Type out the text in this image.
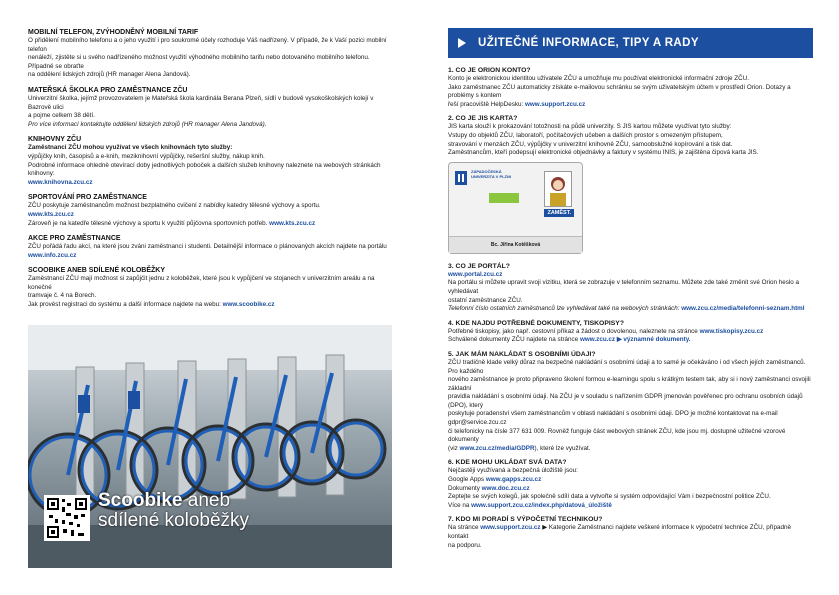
MOBILNÍ TELEFON, ZVÝHODNĚNÝ MOBILNÍ TARIF
O přidělení mobilního telefonu a o jeho využití i pro soukromé účely rozhoduje Váš nadřízený. V případě, že k Vaší pozici mobilní telefon
nenáleží, zjistěte si u svého nadřízeného možnost využití výhodného mobilního tarifu nebo dotovaného mobilního telefonu. Případně se obraťte
na oddělení lidských zdrojů (HR manager Alena Jandová).
MATEŘSKÁ ŠKOLKA PRO ZAMĚSTNANCE ZČU
Univerzitní školka, jejímž provozovatelem je Mateřská škola kardinála Berana Plzeň, sídlí v budově vysokoškolských kolejí v Bazrově ulici
a pojme celkem 38 dětí.
Pro více informací kontaktujte oddělení lidských zdrojů (HR manager Alena Jandová).
KNIHOVNY ZČU
Zaměstnanci ZČU mohou využívat ve všech knihovnách tyto služby:
výpůjčky knih, časopisů a e-knih, meziknihovní výpůjčky, rešeršní služby, nákup knih.
Podrobné informace ohledně otevírací doby jednotlivých poboček a dalších služeb knihovny naleznete na webových stránkách knihovny:
www.knihovna.zcu.cz
SPORTOVÁNÍ PRO ZAMĚSTNANCE
ZČU poskytuje zaměstnancům možnost bezplatného cvičení z nabídky katedry tělesné výchovy a sportu.
www.kts.zcu.cz
Zároveň je na katedře tělesné výchovy a sportu k využití půjčovna sportovních potřeb. www.kts.zcu.cz
AKCE PRO ZAMĚSTNANCE
ZČU pořádá řadu akcí, na které jsou zváni zaměstnanci i studenti. Detailnější informace o plánovaných akcích najdete na portálu
www.info.zcu.cz
SCOOBIKE ANEB SDÍLENÉ KOLOBĚŽKY
Zaměstnanci ZČU mají možnost si zapůjčit jednu z koloběžek, které jsou k vypůjčení ve stojanech v univerzitním areálu a na konečné
tramvaje č. 4 na Borech.
Jak provést registraci do systému a další informace najdete na webu: www.scoobike.cz
Scoobike aneb
sdílené koloběžky
UŽITEČNÉ INFORMACE, TIPY A RADY
1. CO JE ORION KONTO?
Konto je elektronickou identitou uživatele ZČU a umožňuje mu používat elektronické informační zdroje ZČU.
Jako zaměstnanec ZČU automaticky získáte e-mailovou schránku se svým uživatelským účtem v prostředí Orion. Dotazy a problémy s kontem
řeší pracoviště HelpDesku: www.support.zcu.cz
2. CO JE JIS KARTA?
JIS karta slouží k prokazování totožnosti na půdě univerzity. S JIS kartou můžete využívat tyto služby:
Vstupy do objektů ZČU, laboratoří, počítačových učeben a dalších prostor s omezeným přístupem,
stravování v menzách ZČU, výpůjčky v univerzitní knihovně ZČU, samoobslužné kopírování a tisk dat.
Zaměstnancům, kteří podepsují elektronické objednávky a faktury v systému INIS, je zajištěna čipová karta JIS.
ZÁPADOČESKÁ UNIVERZITA V PLZNI
ZAMĚST.
Bc. Jiřina Kotěšková
3. CO JE PORTÁL?
www.portal.zcu.cz
Na portálu si můžete upravit svoji vizitku, která se zobrazuje v telefonním seznamu. Můžete zde také změnit své Orion heslo a vyhledávat
ostatní zaměstnance ZČU.
Telefonní číslo ostatních zaměstnanců lze vyhledávat také na webových stránkách: www.zcu.cz/media/telefonni-seznam.html
4. KDE NAJDU POTŘEBNÉ DOKUMENTY, TISKOPISY?
Potřebné tiskopisy, jako např. cestovní příkaz a žádost o dovolenou, naleznete na stránce www.tiskopisy.zcu.cz
Schválené dokumenty ZČU najdete na stránce www.zcu.cz ▶ významné dokumenty.
5. JAK MÁM NAKLÁDAT S OSOBNÍMI ÚDAJI?
ZČU tradičně klade velký důraz na bezpečné nakládání s osobními údaji a to samé je očekáváno i od všech jejích zaměstnanců. Pro každého
nového zaměstnance je proto připraveno školení formou e-learningu spolu s krátkým testem tak, aby si i nový zaměstnanci osvojili základní
pravidla nakládání s osobními údaji. Na ZČU je v souladu s nařízením GDPR jmenován pověřenec pro ochranu osobních údajů (DPO), který
poskytuje poradenství všem zaměstnancům v oblasti nakládání s osobními údaji. DPO je možné kontaktovat na e-mail gdpr@service.zcu.cz
či telefonicky na čísle 377 631 009. Rovněž funguje část webových stránek ZČU, kde jsou mj. dostupné užitečné vzorové dokumenty
(viz www.zcu.cz/media/GDPR), které lze využívat.
6. KDE MOHU UKLÁDAT SVÁ DATA?
Nejčastěji využívaná a bezpečná úložiště jsou:
Google Apps www.gapps.zcu.cz
Dokumenty www.doc.zcu.cz
Zeptejte se svých kolegů, jak společně sdílí data a vytvořte si systém odpovídající Vám i bezpečnostní politice ZČU.
Více na www.support.zcu.cz/index.php/datová_úložiště
7. KDO MI PORADÍ S VÝPOČETNÍ TECHNIKOU?
Na stránce www.support.zcu.cz ▶ Kategorie Zaměstnanci najdete veškeré informace k výpočetní technice ZČU, případně kontakt
na podporu.
